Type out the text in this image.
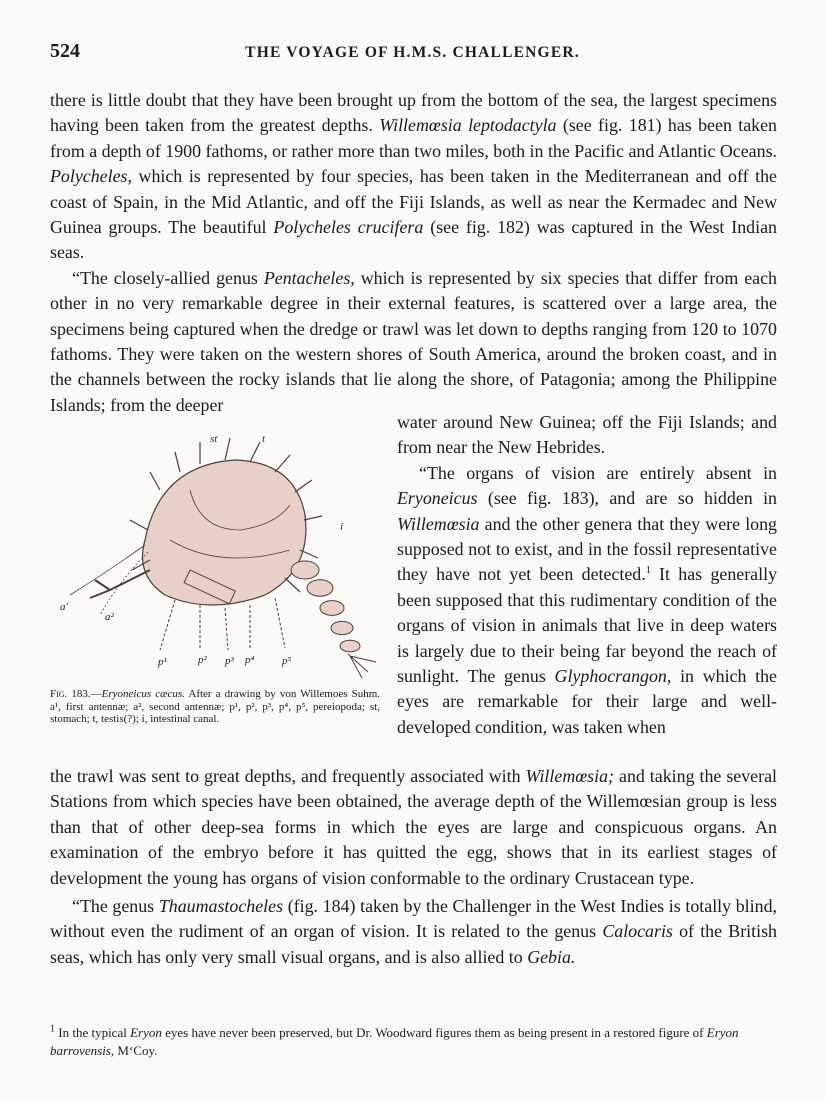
524	THE VOYAGE OF H.M.S. CHALLENGER.

there is little doubt that they have been brought up from the bottom of the sea, the largest specimens having been taken from the greatest depths. Willemœsia leptodactyla (see fig. 181) has been taken from a depth of 1900 fathoms, or rather more than two miles, both in the Pacific and Atlantic Oceans. Polycheles, which is represented by four species, has been taken in the Mediterranean and off the coast of Spain, in the Mid Atlantic, and off the Fiji Islands, as well as near the Kermadec and New Guinea groups. The beautiful Polycheles crucifera (see fig. 182) was captured in the West Indian seas.

“The closely-allied genus Pentacheles, which is represented by six species that differ from each other in no very remarkable degree in their external features, is scattered over a large area, the specimens being captured when the dredge or trawl was let down to depths ranging from 120 to 1070 fathoms. They were taken on the western shores of South America, around the broken coast, and in the channels between the rocky islands that lie along the shore, of Patagonia; among the Philippine Islands; from the deeper

st	t
i
a'
a²
p¹	p² p³ p⁴	p⁵
Fig. 183.—Eryoneicus cæcus. After a drawing by von Willemoes Suhm. a¹, first antennæ; a², second antennæ; p¹, p², p³, p⁴, p⁵, pereiopoda; st, stomach; t, testis(?); i, intestinal canal.

water around New Guinea; off the Fiji Islands; and from near the New Hebrides.

“The organs of vision are entirely absent in Eryoneicus (see fig. 183), and are so hidden in Willemœsia and the other genera that they were long supposed not to exist, and in the fossil representative they have not yet been detected.$^1$ It has generally been supposed that this rudimentary condition of the organs of vision in animals that live in deep waters is largely due to their being far beyond the reach of sunlight. The genus Glyphocrangon, in which the eyes are remarkable for their large and well-developed condition, was taken when

the trawl was sent to great depths, and frequently associated with Willemœsia; and taking the several Stations from which species have been obtained, the average depth of the Willemœsian group is less than that of other deep-sea forms in which the eyes are large and conspicuous organs. An examination of the embryo before it has quitted the egg, shows that in its earliest stages of development the young has organs of vision conformable to the ordinary Crustacean type.

“The genus Thaumastocheles (fig. 184) taken by the Challenger in the West Indies is totally blind, without even the rudiment of an organ of vision. It is related to the genus Calocaris of the British seas, which has only very small visual organs, and is also allied to Gebia.

$^1$ In the typical Eryon eyes have never been preserved, but Dr. Woodward figures them as being present in a restored figure of Eryon barrovensis, M‘Coy.
